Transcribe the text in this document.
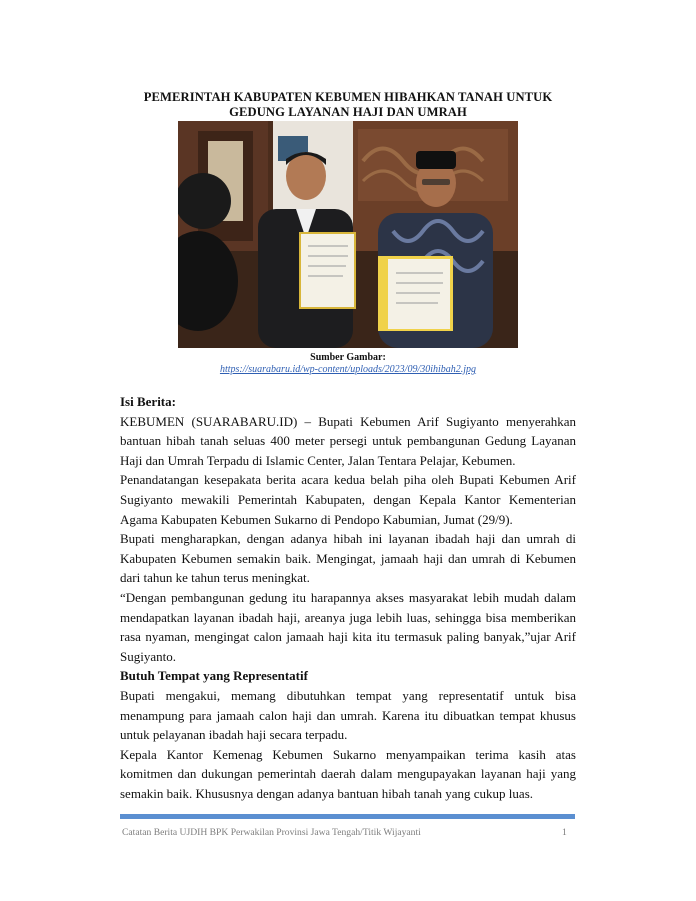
PEMERINTAH KABUPATEN KEBUMEN HIBAHKAN TANAH UNTUK
GEDUNG LAYANAN HAJI DAN UMRAH
Sumber Gambar:
https://suarabaru.id/wp-content/uploads/2023/09/30ihibah2.jpg

Isi Berita:

KEBUMEN (SUARABARU.ID) – Bupati Kebumen Arif Sugiyanto menyerahkan bantuan hibah tanah seluas 400 meter persegi untuk pembangunan Gedung Layanan Haji dan Umrah Terpadu di Islamic Center, Jalan Tentara Pelajar, Kebumen.

Penandatangan kesepakata berita acara kedua belah piha oleh Bupati Kebumen Arif Sugiyanto mewakili Pemerintah Kabupaten, dengan Kepala Kantor Kementerian Agama Kabupaten Kebumen Sukarno di Pendopo Kabumian, Jumat (29/9).

Bupati mengharapkan, dengan adanya hibah ini layanan ibadah haji dan umrah di Kabupaten Kebumen semakin baik. Mengingat, jamaah haji dan umrah di Kebumen dari tahun ke tahun terus meningkat.

“Dengan pembangunan gedung itu harapannya akses masyarakat lebih mudah dalam mendapatkan layanan ibadah haji, areanya juga lebih luas, sehingga bisa memberikan rasa nyaman, mengingat calon jamaah haji kita itu termasuk paling banyak,”ujar Arif Sugiyanto.

Butuh Tempat yang Representatif

Bupati mengakui, memang dibutuhkan tempat yang representatif untuk bisa menampung para jamaah calon haji dan umrah. Karena itu dibuatkan tempat khusus untuk pelayanan ibadah haji secara terpadu.

Kepala Kantor Kemenag Kebumen Sukarno menyampaikan terima kasih atas komitmen dan dukungan pemerintah daerah dalam mengupayakan layanan haji yang semakin baik. Khususnya dengan adanya bantuan hibah tanah yang cukup luas.

Catatan Berita UJDIH BPK Perwakilan Provinsi Jawa Tengah/Titik Wijayanti	1
